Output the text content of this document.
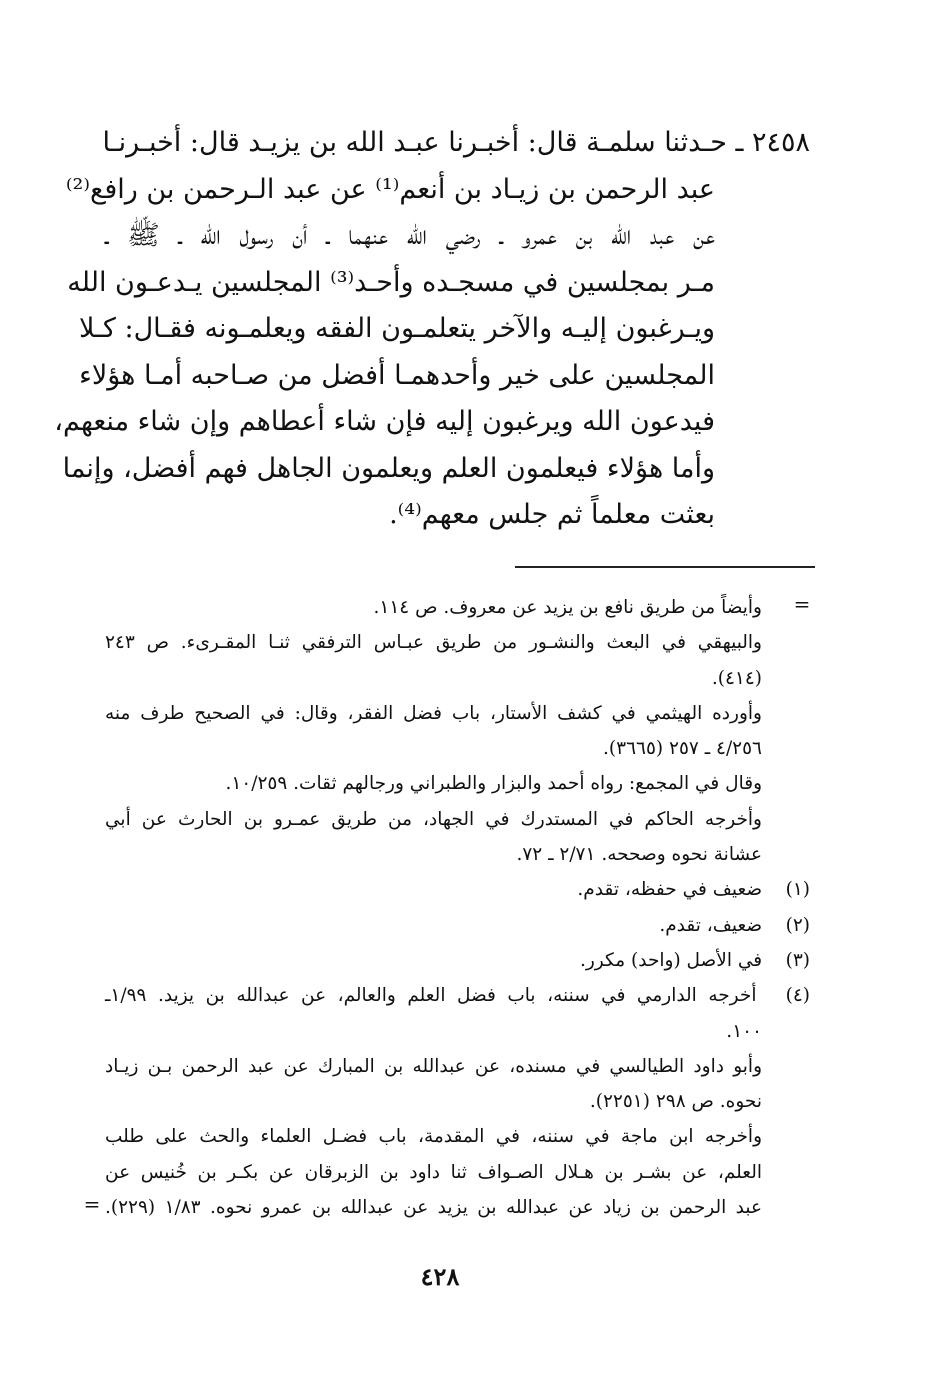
٢٤٥٨ ـ حـدثنا سلمـة قال: أخبـرنا عبـد الله بن يزيـد قال: أخبـرنـا
عبد الرحمن بن زيـاد بن أنعم⁽¹⁾ عن عبد الـرحمن بن رافع⁽²⁾
عن عبد الله بن عمرو ـ رضي الله عنهما ـ أن رسول الله ـ ﷺ ـ
مـر بمجلسين في مسجـده وأحـد⁽³⁾ المجلسين يـدعـون الله
ويـرغبون إليـه والآخر يتعلمـون الفقه ويعلمـونه فقـال: كـلا
المجلسين على خير وأحدهمـا أفضل من صـاحبه أمـا هؤلاء
فيدعون الله ويرغبون إليه فإن شاء أعطاهم وإن شاء منعهم،
وأما هؤلاء فيعلمون العلم ويعلمون الجاهل فهم أفضل، وإنما
بعثت معلماً ثم جلس معهم⁽⁴⁾.
=
وأيضاً من طريق نافع بن يزيد عن معروف. ص ١١٤.
والبيهقي في البعث والنشـور من طريق عبـاس الترفقي ثنـا المقـرىء. ص ٢٤٣
(٤١٤).
وأورده الهيثمي في كشف الأستار، باب فضل الفقر، وقال: في الصحيح طرف منه
٤/٢٥٦ ـ ٢٥٧ (٣٦٦٥).
وقال في المجمع: رواه أحمد والبزار والطبراني ورجالهم ثقات. ١٠/٢٥٩.
وأخرجه الحاكم في المستدرك في الجهاد، من طريق عمـرو بن الحارث عن أبي
عشانة نحوه وصححه. ٢/٧١ ـ ٧٢.
(١) ضعيف في حفظه، تقدم.
(٢) ضعيف، تقدم.
(٣) في الأصل (واحد) مكرر.
(٤) أخرجه الدارمي في سننه، باب فضل العلم والعالم، عن عبدالله بن يزيد. ١/٩٩ـ
١٠٠.
وأبو داود الطيالسي في مسنده، عن عبدالله بن المبارك عن عبد الرحمن بـن زيـاد
نحوه. ص ٢٩٨ (٢٢٥١).
وأخرجه ابن ماجة في سننه، في المقدمة، باب فضـل العلماء والحث على طلب
العلم، عن بشـر بن هـلال الصـواف ثنا داود بن الزبرقان عن بكـر بن خُنيس عن
عبد الرحمن بن زياد عن عبدالله بن يزيد عن عبدالله بن عمرو نحوه. ١/٨٣ (٢٢٩).
=
٤٢٨
